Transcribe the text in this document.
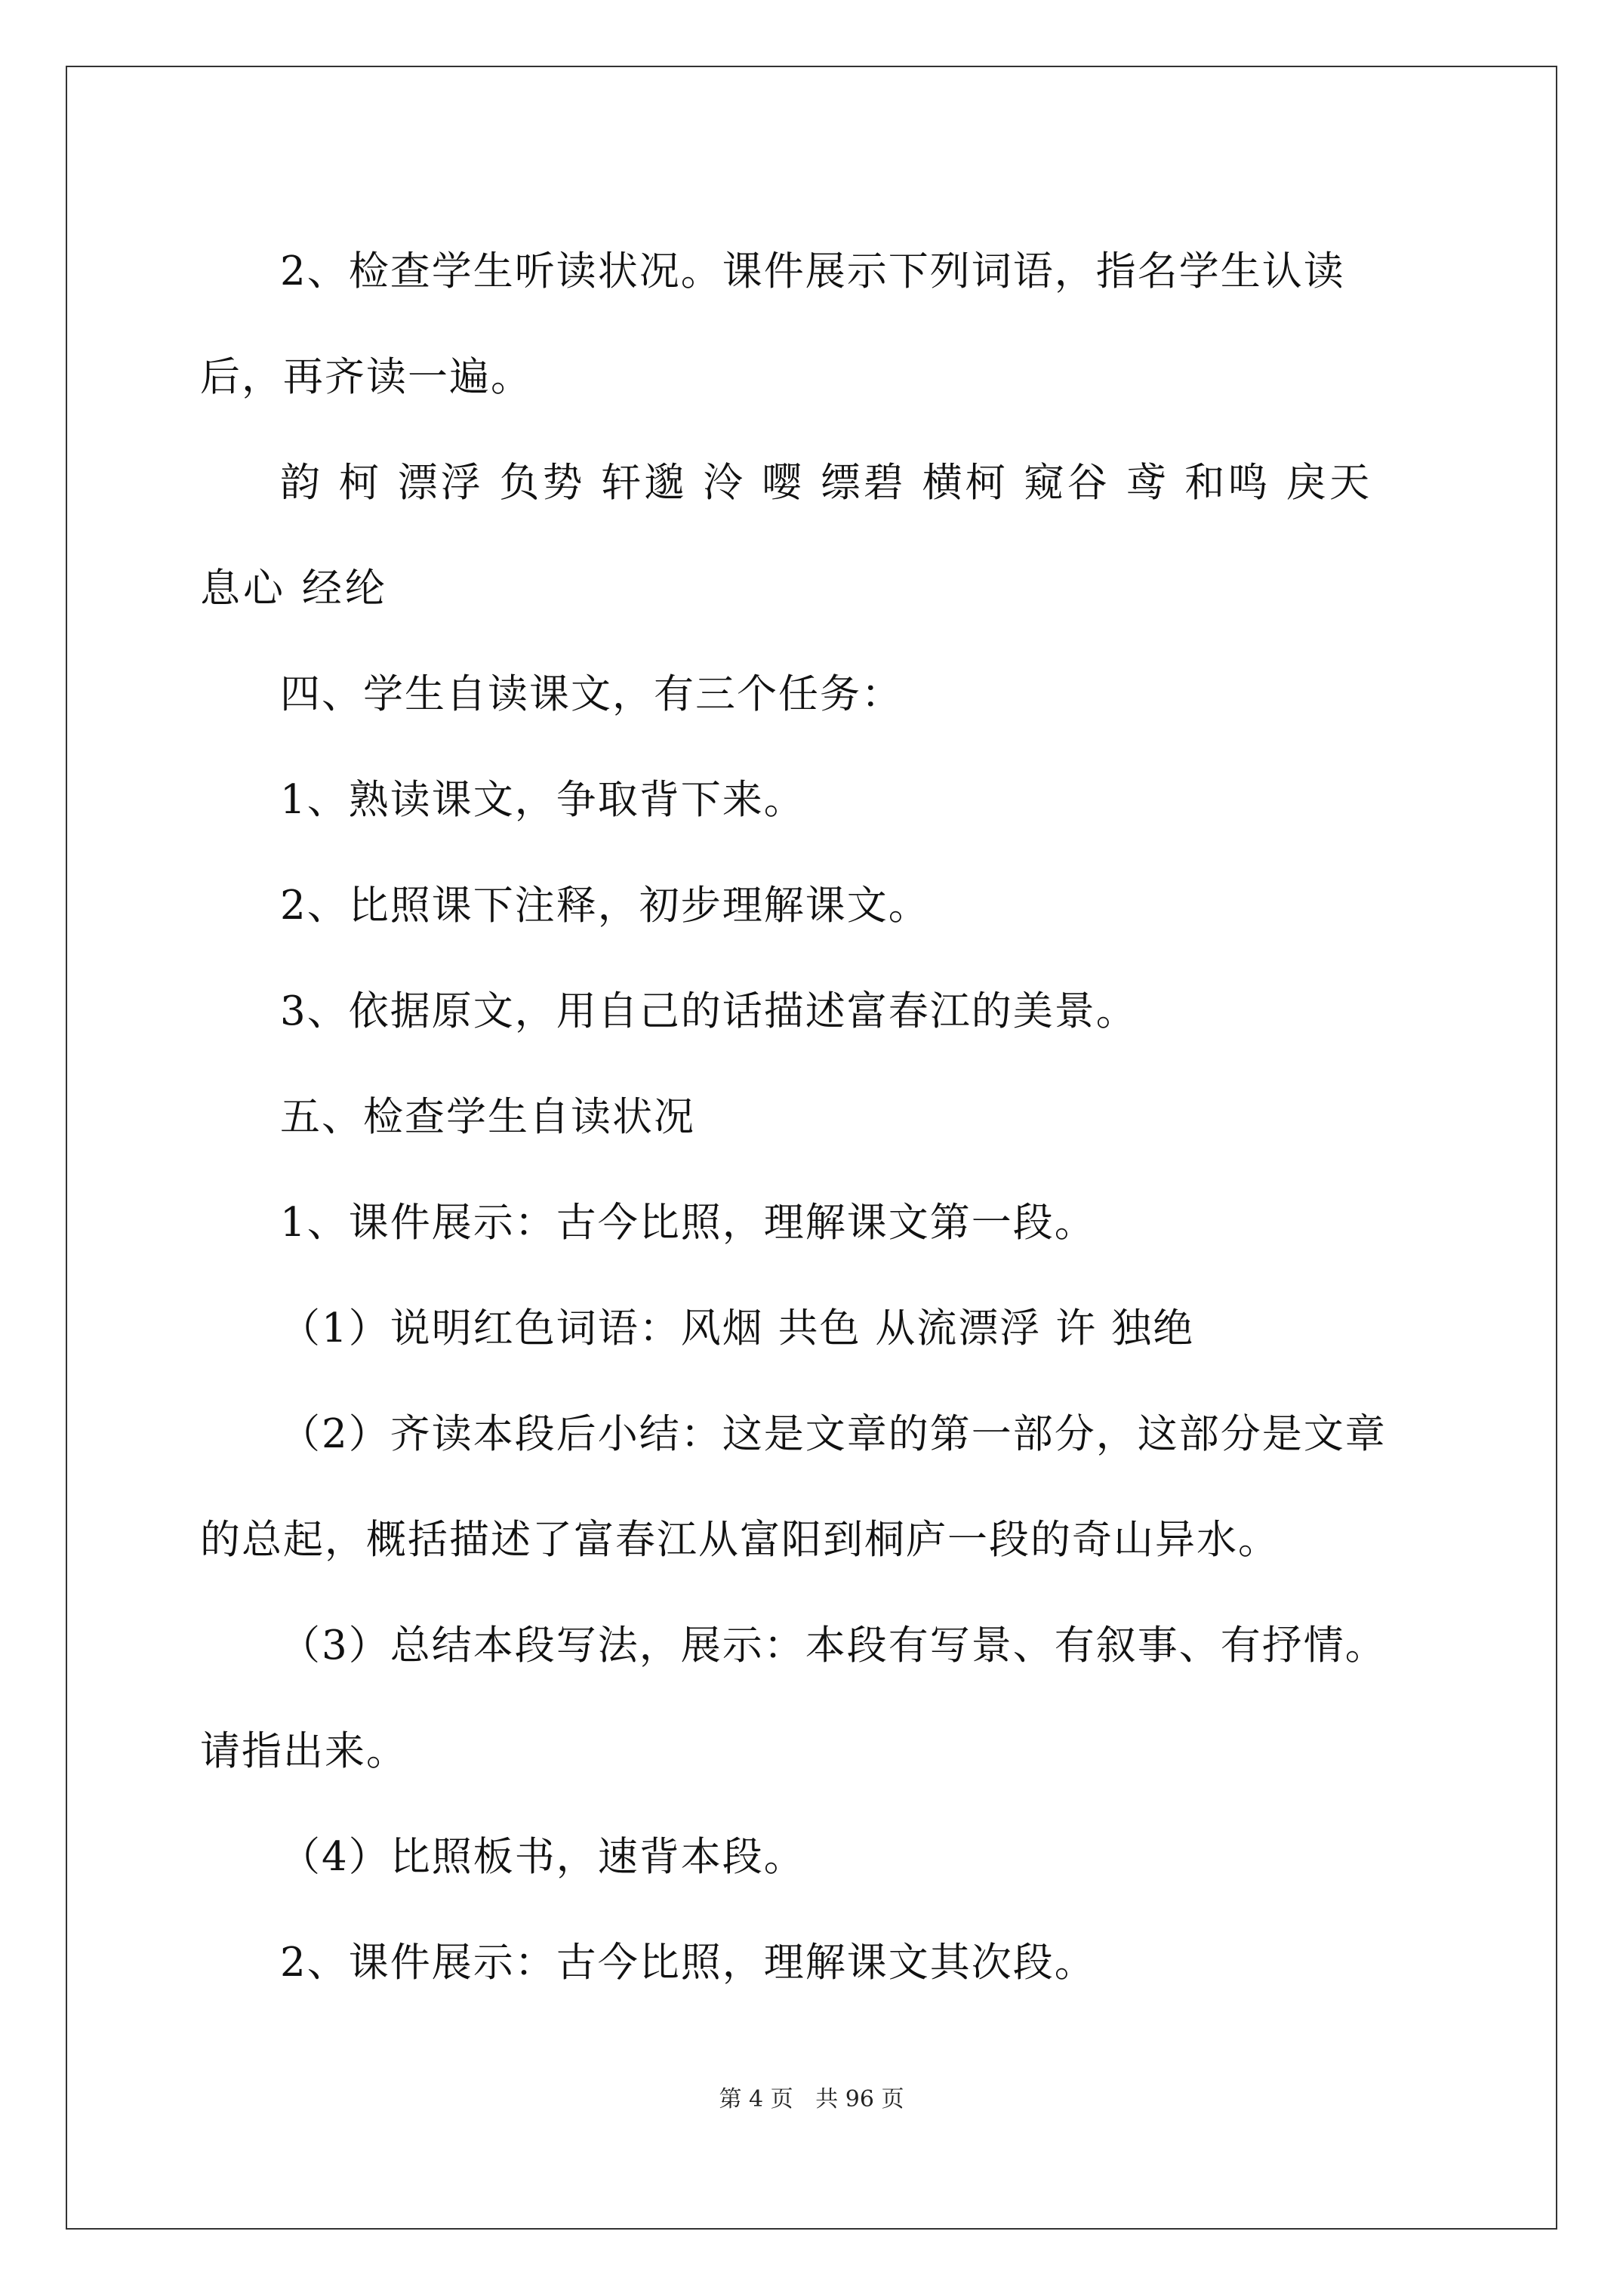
2、检查学生听读状况。课件展示下列词语，指名学生认读后，再齐读一遍。

韵 柯 漂浮 负势 轩邈 泠 嘤 缥碧 横柯 窥谷 鸢 和鸣 戾天 息心 经纶

四、学生自读课文，有三个任务：

1、熟读课文，争取背下来。

2、比照课下注释，初步理解课文。

3、依据原文，用自己的话描述富春江的美景。

五、检查学生自读状况

1、课件展示：古今比照，理解课文第一段。

（1）说明红色词语：风烟 共色 从流漂浮 许 独绝

（2）齐读本段后小结：这是文章的第一部分，这部分是文章的总起，概括描述了富春江从富阳到桐庐一段的奇山异水。

（3）总结本段写法，展示：本段有写景、有叙事、有抒情。请指出来。

（4）比照板书，速背本段。

2、课件展示：古今比照，理解课文其次段。

第 4 页 共 96 页
